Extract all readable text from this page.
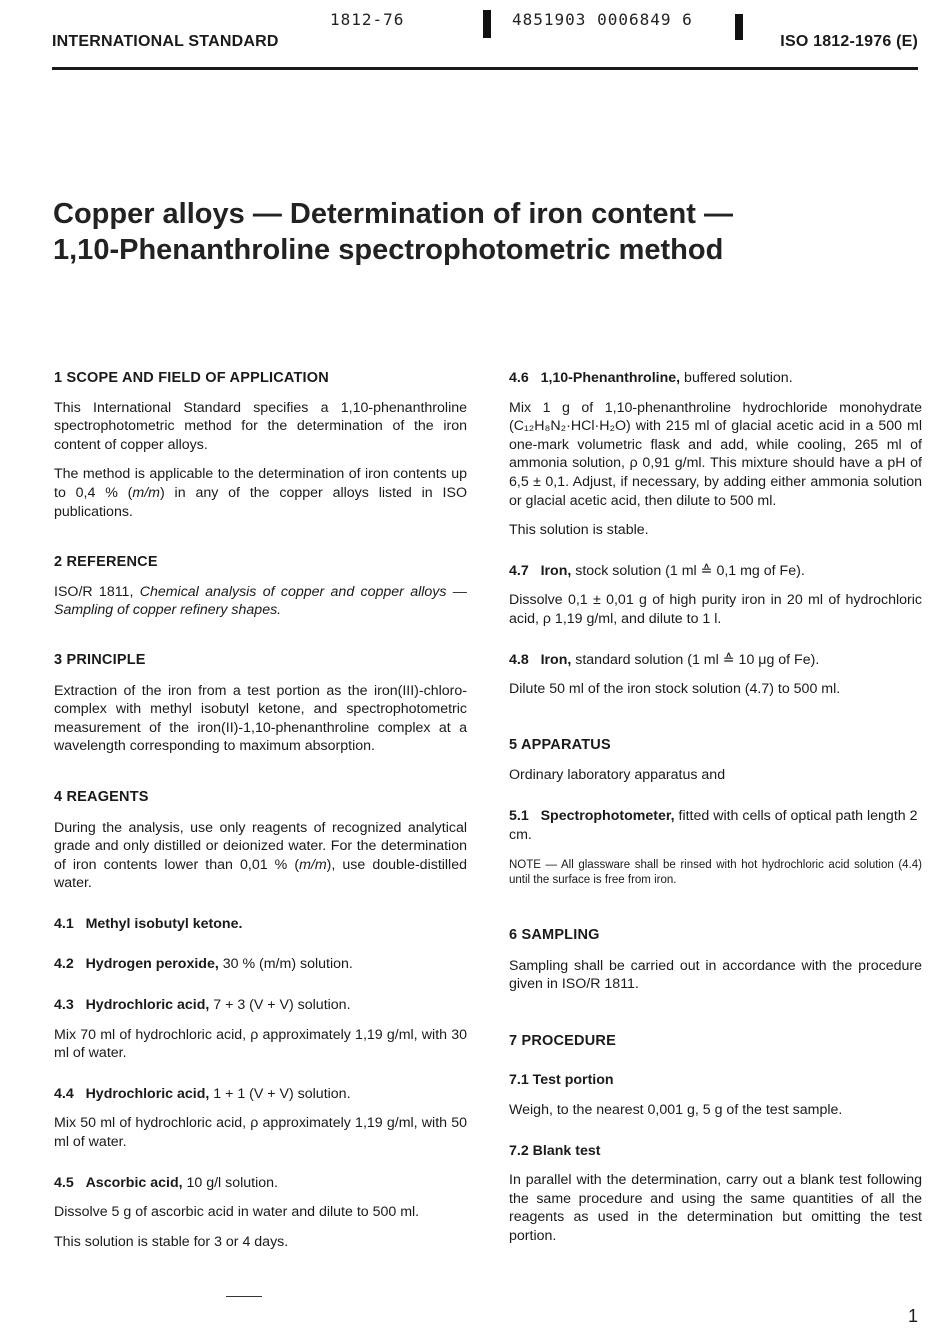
1812-76
INTERNATIONAL STANDARD
4851903 0006849 6
ISO 1812-1976 (E)
Copper alloys — Determination of iron content —
1,10-Phenanthroline spectrophotometric method
1 SCOPE AND FIELD OF APPLICATION

This International Standard specifies a 1,10-phenanthroline spectrophotometric method for the determination of the iron content of copper alloys.

The method is applicable to the determination of iron contents up to 0,4 % (m/m) in any of the copper alloys listed in ISO publications.

2 REFERENCE

ISO/R 1811, Chemical analysis of copper and copper alloys — Sampling of copper refinery shapes.

3 PRINCIPLE

Extraction of the iron from a test portion as the iron(III)-chloro-complex with methyl isobutyl ketone, and spectrophotometric measurement of the iron(II)-1,10-phenanthroline complex at a wavelength corresponding to maximum absorption.

4 REAGENTS

During the analysis, use only reagents of recognized analytical grade and only distilled or deionized water. For the determination of iron contents lower than 0,01 % (m/m), use double-distilled water.

4.1 Methyl isobutyl ketone.
4.2 Hydrogen peroxide, 30 % (m/m) solution.
4.3 Hydrochloric acid, 7 + 3 (V + V) solution.

Mix 70 ml of hydrochloric acid, ρ approximately 1,19 g/ml, with 30 ml of water.

4.4 Hydrochloric acid, 1 + 1 (V + V) solution.

Mix 50 ml of hydrochloric acid, ρ approximately 1,19 g/ml, with 50 ml of water.

4.5 Ascorbic acid, 10 g/l solution.

Dissolve 5 g of ascorbic acid in water and dilute to 500 ml.

This solution is stable for 3 or 4 days.

4.6 1,10-Phenanthroline, buffered solution.

Mix 1 g of 1,10-phenanthroline hydrochloride monohydrate (C₁₂H₈N₂·HCl·H₂O) with 215 ml of glacial acetic acid in a 500 ml one-mark volumetric flask and add, while cooling, 265 ml of ammonia solution, ρ 0,91 g/ml. This mixture should have a pH of 6,5 ± 0,1. Adjust, if necessary, by adding either ammonia solution or glacial acetic acid, then dilute to 500 ml.

This solution is stable.

4.7 Iron, stock solution (1 ml ≙ 0,1 mg of Fe).

Dissolve 0,1 ± 0,01 g of high purity iron in 20 ml of hydrochloric acid, ρ 1,19 g/ml, and dilute to 1 l.

4.8 Iron, standard solution (1 ml ≙ 10 μg of Fe).

Dilute 50 ml of the iron stock solution (4.7) to 500 ml.

5 APPARATUS

Ordinary laboratory apparatus and

5.1 Spectrophotometer, fitted with cells of optical path length 2 cm.

NOTE — All glassware shall be rinsed with hot hydrochloric acid solution (4.4) until the surface is free from iron.

6 SAMPLING

Sampling shall be carried out in accordance with the procedure given in ISO/R 1811.

7 PROCEDURE
7.1 Test portion

Weigh, to the nearest 0,001 g, 5 g of the test sample.

7.2 Blank test

In parallel with the determination, carry out a blank test following the same procedure and using the same quantities of all the reagents as used in the determination but omitting the test portion.

1
